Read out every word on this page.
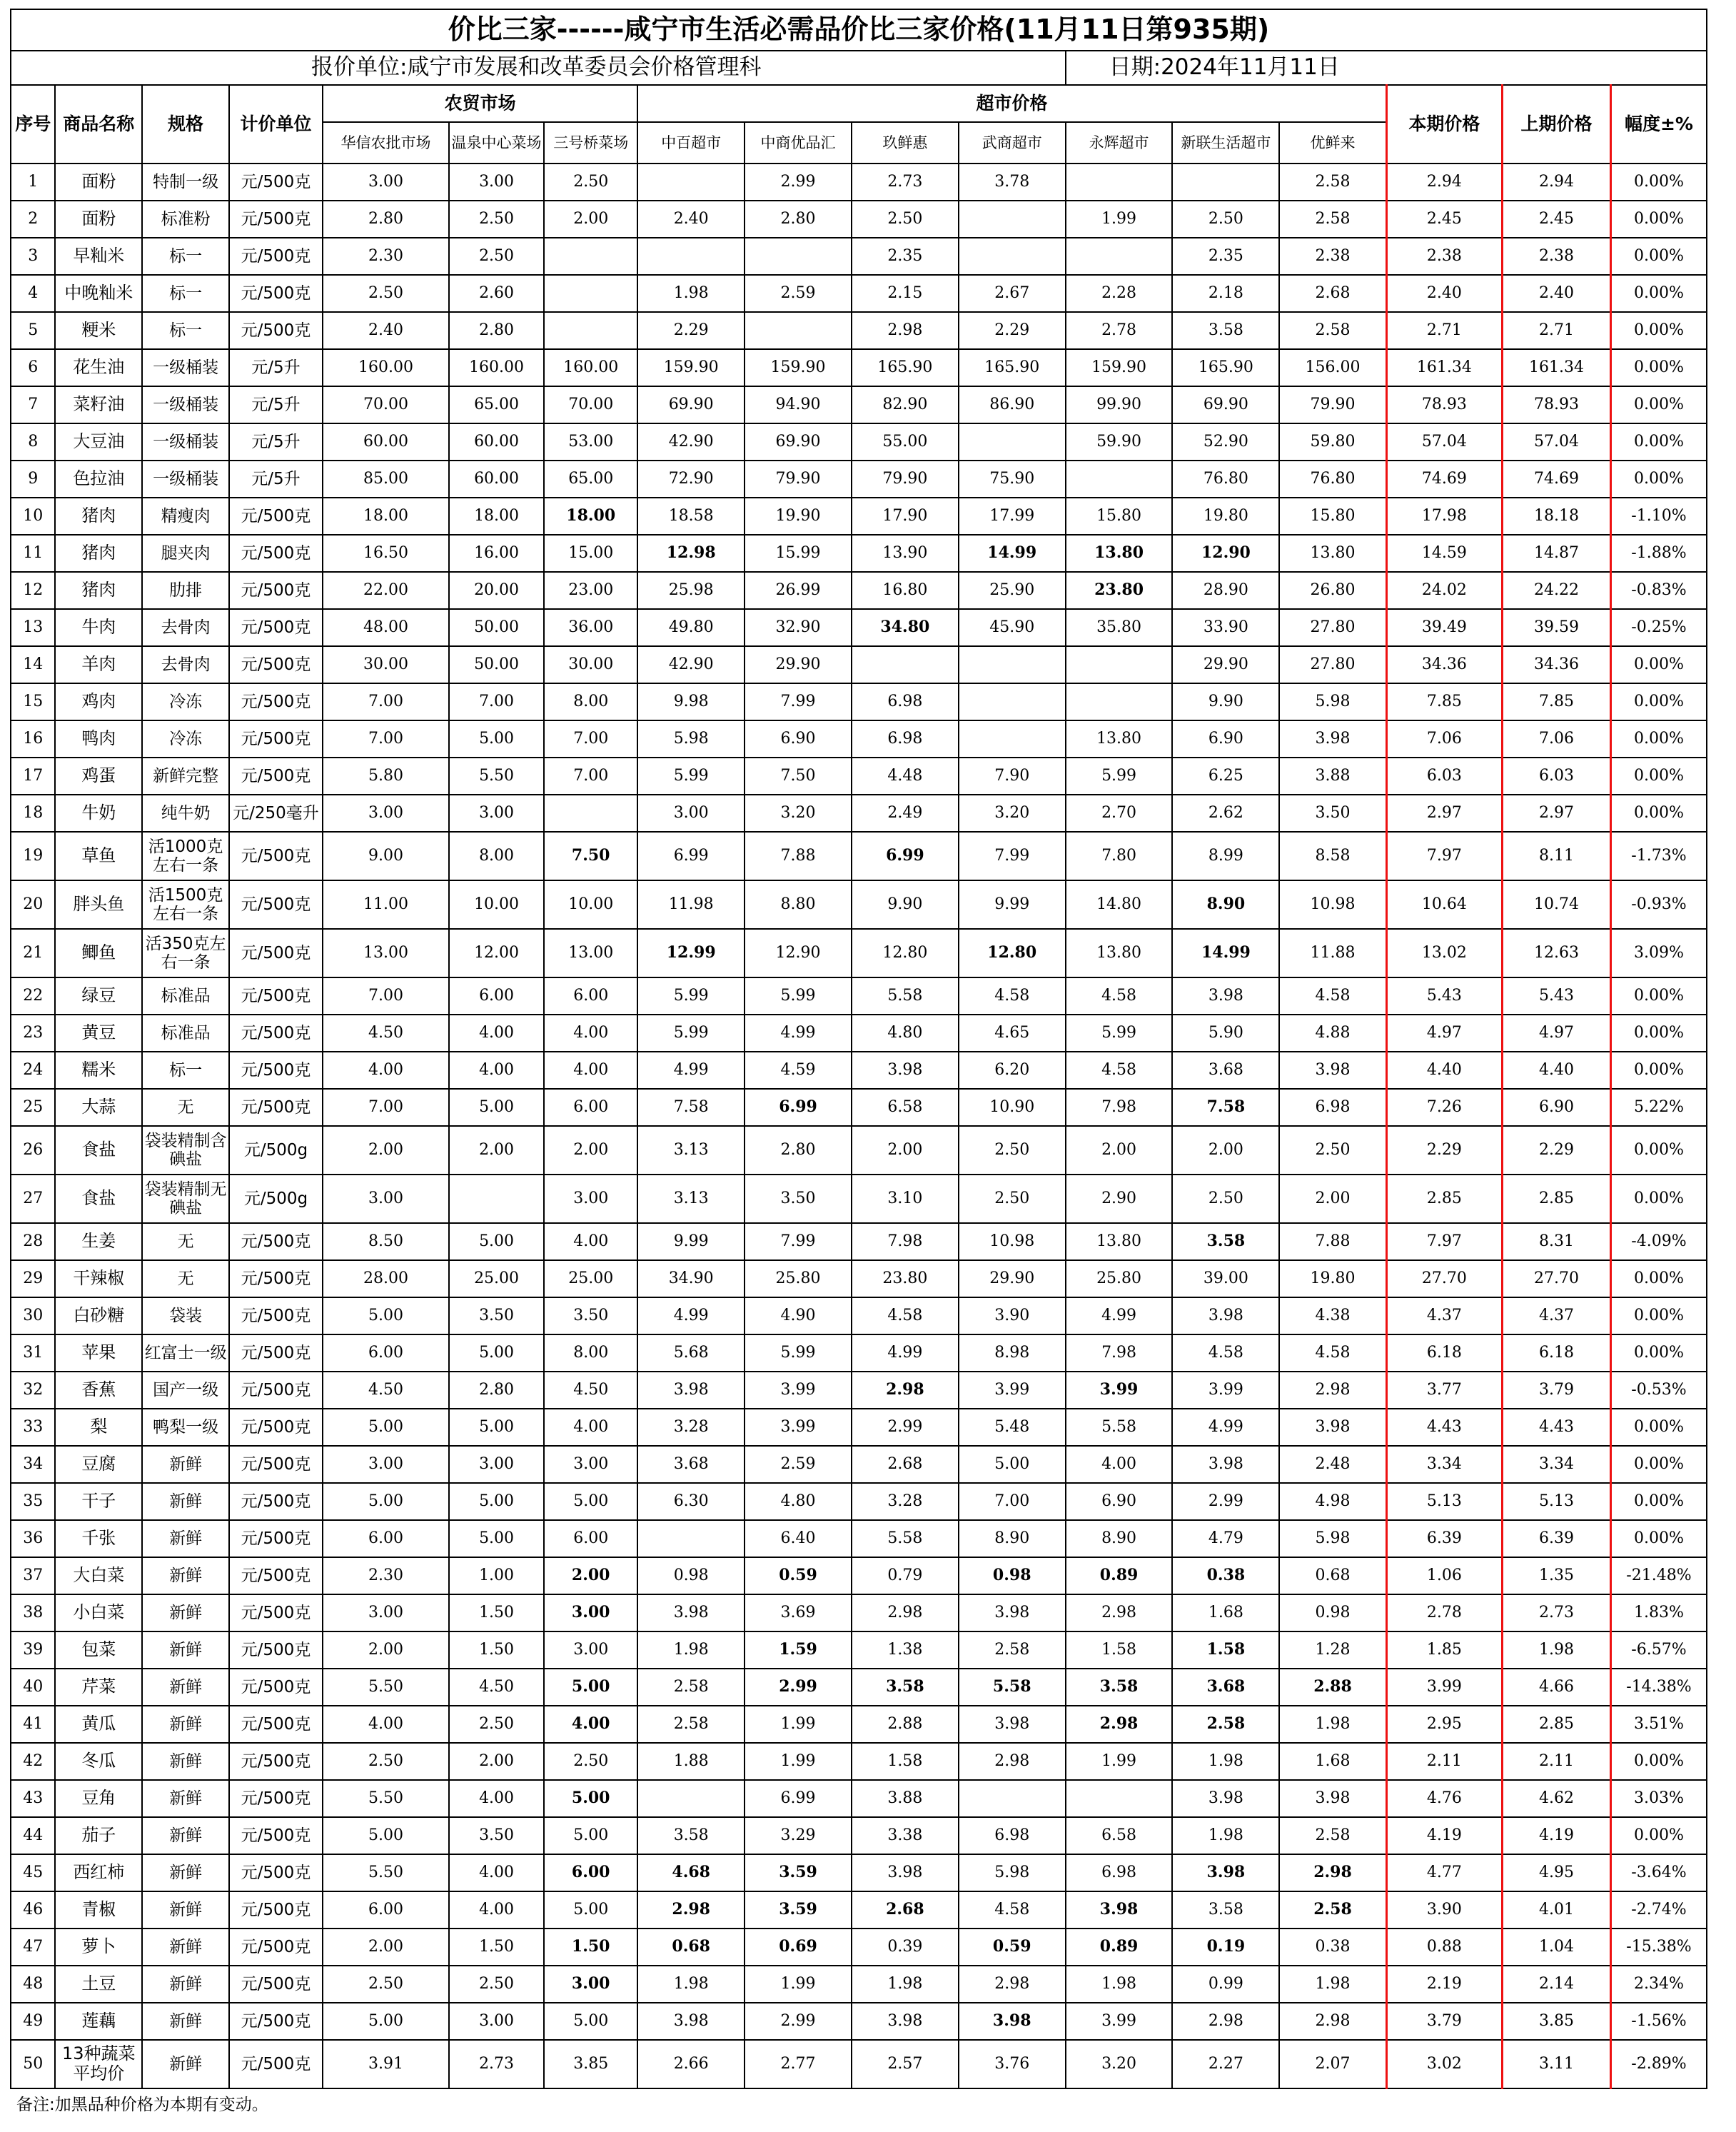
价比三家------咸宁市生活必需品价比三家价格(11月11日第935期)																
报价单位:咸宁市发展和改革委员会价格管理科											日期:2024年11月11日					
序号	商品名称	规格	计价单位	农贸市场			超市价格							本期价格	上期价格	幅度±%
				华信农批市场	温泉中心菜场	三号桥菜场	中百超市	中商优品汇	玖鲜惠	武商超市	永辉超市	新联生活超市	优鲜来			
1	面粉	特制一级	元/500克	3.00	3.00	2.50		2.99	2.73	3.78			2.58	2.94	2.94	0.00%
2	面粉	标准粉	元/500克	2.80	2.50	2.00	2.40	2.80	2.50		1.99	2.50	2.58	2.45	2.45	0.00%
3	早籼米	标一	元/500克	2.30	2.50				2.35			2.35	2.38	2.38	2.38	0.00%
4	中晚籼米	标一	元/500克	2.50	2.60		1.98	2.59	2.15	2.67	2.28	2.18	2.68	2.40	2.40	0.00%
5	粳米	标一	元/500克	2.40	2.80		2.29		2.98	2.29	2.78	3.58	2.58	2.71	2.71	0.00%
6	花生油	一级桶装	元/5升	160.00	160.00	160.00	159.90	159.90	165.90	165.90	159.90	165.90	156.00	161.34	161.34	0.00%
7	菜籽油	一级桶装	元/5升	70.00	65.00	70.00	69.90	94.90	82.90	86.90	99.90	69.90	79.90	78.93	78.93	0.00%
8	大豆油	一级桶装	元/5升	60.00	60.00	53.00	42.90	69.90	55.00		59.90	52.90	59.80	57.04	57.04	0.00%
9	色拉油	一级桶装	元/5升	85.00	60.00	65.00	72.90	79.90	79.90	75.90		76.80	76.80	74.69	74.69	0.00%
10	猪肉	精瘦肉	元/500克	18.00	18.00	18.00	18.58	19.90	17.90	17.99	15.80	19.80	15.80	17.98	18.18	-1.10%
11	猪肉	腿夹肉	元/500克	16.50	16.00	15.00	12.98	15.99	13.90	14.99	13.80	12.90	13.80	14.59	14.87	-1.88%
12	猪肉	肋排	元/500克	22.00	20.00	23.00	25.98	26.99	16.80	25.90	23.80	28.90	26.80	24.02	24.22	-0.83%
13	牛肉	去骨肉	元/500克	48.00	50.00	36.00	49.80	32.90	34.80	45.90	35.80	33.90	27.80	39.49	39.59	-0.25%
14	羊肉	去骨肉	元/500克	30.00	50.00	30.00	42.90	29.90				29.90	27.80	34.36	34.36	0.00%
15	鸡肉	冷冻	元/500克	7.00	7.00	8.00	9.98	7.99	6.98			9.90	5.98	7.85	7.85	0.00%
16	鸭肉	冷冻	元/500克	7.00	5.00	7.00	5.98	6.90	6.98		13.80	6.90	3.98	7.06	7.06	0.00%
17	鸡蛋	新鲜完整	元/500克	5.80	5.50	7.00	5.99	7.50	4.48	7.90	5.99	6.25	3.88	6.03	6.03	0.00%
18	牛奶	纯牛奶	元/250毫升	3.00	3.00		3.00	3.20	2.49	3.20	2.70	2.62	3.50	2.97	2.97	0.00%
19	草鱼	活1000克左右一条	元/500克	9.00	8.00	7.50	6.99	7.88	6.99	7.99	7.80	8.99	8.58	7.97	8.11	-1.73%
20	胖头鱼	活1500克左右一条	元/500克	11.00	10.00	10.00	11.98	8.80	9.90	9.99	14.80	8.90	10.98	10.64	10.74	-0.93%
21	鲫鱼	活350克左右一条	元/500克	13.00	12.00	13.00	12.99	12.90	12.80	12.80	13.80	14.99	11.88	13.02	12.63	3.09%
22	绿豆	标准品	元/500克	7.00	6.00	6.00	5.99	5.99	5.58	4.58	4.58	3.98	4.58	5.43	5.43	0.00%
23	黄豆	标准品	元/500克	4.50	4.00	4.00	5.99	4.99	4.80	4.65	5.99	5.90	4.88	4.97	4.97	0.00%
24	糯米	标一	元/500克	4.00	4.00	4.00	4.99	4.59	3.98	6.20	4.58	3.68	3.98	4.40	4.40	0.00%
25	大蒜	无	元/500克	7.00	5.00	6.00	7.58	6.99	6.58	10.90	7.98	7.58	6.98	7.26	6.90	5.22%
26	食盐	袋装精制含碘盐	元/500g	2.00	2.00	2.00	3.13	2.80	2.00	2.50	2.00	2.00	2.50	2.29	2.29	0.00%
27	食盐	袋装精制无碘盐	元/500g	3.00		3.00	3.13	3.50	3.10	2.50	2.90	2.50	2.00	2.85	2.85	0.00%
28	生姜	无	元/500克	8.50	5.00	4.00	9.99	7.99	7.98	10.98	13.80	3.58	7.88	7.97	8.31	-4.09%
29	干辣椒	无	元/500克	28.00	25.00	25.00	34.90	25.80	23.80	29.90	25.80	39.00	19.80	27.70	27.70	0.00%
30	白砂糖	袋装	元/500克	5.00	3.50	3.50	4.99	4.90	4.58	3.90	4.99	3.98	4.38	4.37	4.37	0.00%
31	苹果	红富士一级	元/500克	6.00	5.00	8.00	5.68	5.99	4.99	8.98	7.98	4.58	4.58	6.18	6.18	0.00%
32	香蕉	国产一级	元/500克	4.50	2.80	4.50	3.98	3.99	2.98	3.99	3.99	3.99	2.98	3.77	3.79	-0.53%
33	梨	鸭梨一级	元/500克	5.00	5.00	4.00	3.28	3.99	2.99	5.48	5.58	4.99	3.98	4.43	4.43	0.00%
34	豆腐	新鲜	元/500克	3.00	3.00	3.00	3.68	2.59	2.68	5.00	4.00	3.98	2.48	3.34	3.34	0.00%
35	干子	新鲜	元/500克	5.00	5.00	5.00	6.30	4.80	3.28	7.00	6.90	2.99	4.98	5.13	5.13	0.00%
36	千张	新鲜	元/500克	6.00	5.00	6.00		6.40	5.58	8.90	8.90	4.79	5.98	6.39	6.39	0.00%
37	大白菜	新鲜	元/500克	2.30	1.00	2.00	0.98	0.59	0.79	0.98	0.89	0.38	0.68	1.06	1.35	-21.48%
38	小白菜	新鲜	元/500克	3.00	1.50	3.00	3.98	3.69	2.98	3.98	2.98	1.68	0.98	2.78	2.73	1.83%
39	包菜	新鲜	元/500克	2.00	1.50	3.00	1.98	1.59	1.38	2.58	1.58	1.58	1.28	1.85	1.98	-6.57%
40	芹菜	新鲜	元/500克	5.50	4.50	5.00	2.58	2.99	3.58	5.58	3.58	3.68	2.88	3.99	4.66	-14.38%
41	黄瓜	新鲜	元/500克	4.00	2.50	4.00	2.58	1.99	2.88	3.98	2.98	2.58	1.98	2.95	2.85	3.51%
42	冬瓜	新鲜	元/500克	2.50	2.00	2.50	1.88	1.99	1.58	2.98	1.99	1.98	1.68	2.11	2.11	0.00%
43	豆角	新鲜	元/500克	5.50	4.00	5.00		6.99	3.88			3.98	3.98	4.76	4.62	3.03%
44	茄子	新鲜	元/500克	5.00	3.50	5.00	3.58	3.29	3.38	6.98	6.58	1.98	2.58	4.19	4.19	0.00%
45	西红柿	新鲜	元/500克	5.50	4.00	6.00	4.68	3.59	3.98	5.98	6.98	3.98	2.98	4.77	4.95	-3.64%
46	青椒	新鲜	元/500克	6.00	4.00	5.00	2.98	3.59	2.68	4.58	3.98	3.58	2.58	3.90	4.01	-2.74%
47	萝卜	新鲜	元/500克	2.00	1.50	1.50	0.68	0.69	0.39	0.59	0.89	0.19	0.38	0.88	1.04	-15.38%
48	土豆	新鲜	元/500克	2.50	2.50	3.00	1.98	1.99	1.98	2.98	1.98	0.99	1.98	2.19	2.14	2.34%
49	莲藕	新鲜	元/500克	5.00	3.00	5.00	3.98	2.99	3.98	3.98	3.99	2.98	2.98	3.79	3.85	-1.56%
50	13种蔬菜平均价	新鲜	元/500克	3.91	2.73	3.85	2.66	2.77	2.57	3.76	3.20	2.27	2.07	3.02	3.11	-2.89%
备注:加黑品种价格为本期有变动。																
